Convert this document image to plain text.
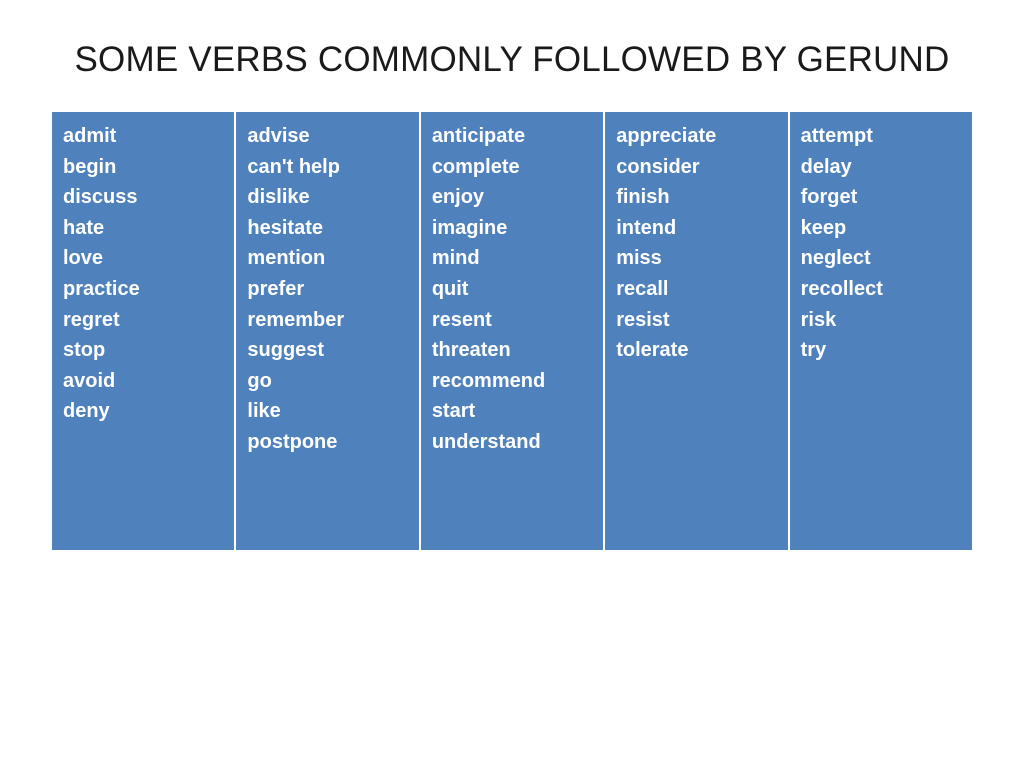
SOME VERBS COMMONLY FOLLOWED BY GERUND
admit
begin
discuss
hate
love
practice
regret
stop
avoid
deny
advise
can't help
dislike
hesitate
mention
prefer
remember
suggest
go
like
postpone
anticipate
complete
enjoy
imagine
mind
quit
resent
threaten
recommend
start
understand
appreciate
consider
finish
intend
miss
recall
resist
tolerate
attempt
delay
forget
keep
neglect
recollect
risk
try
